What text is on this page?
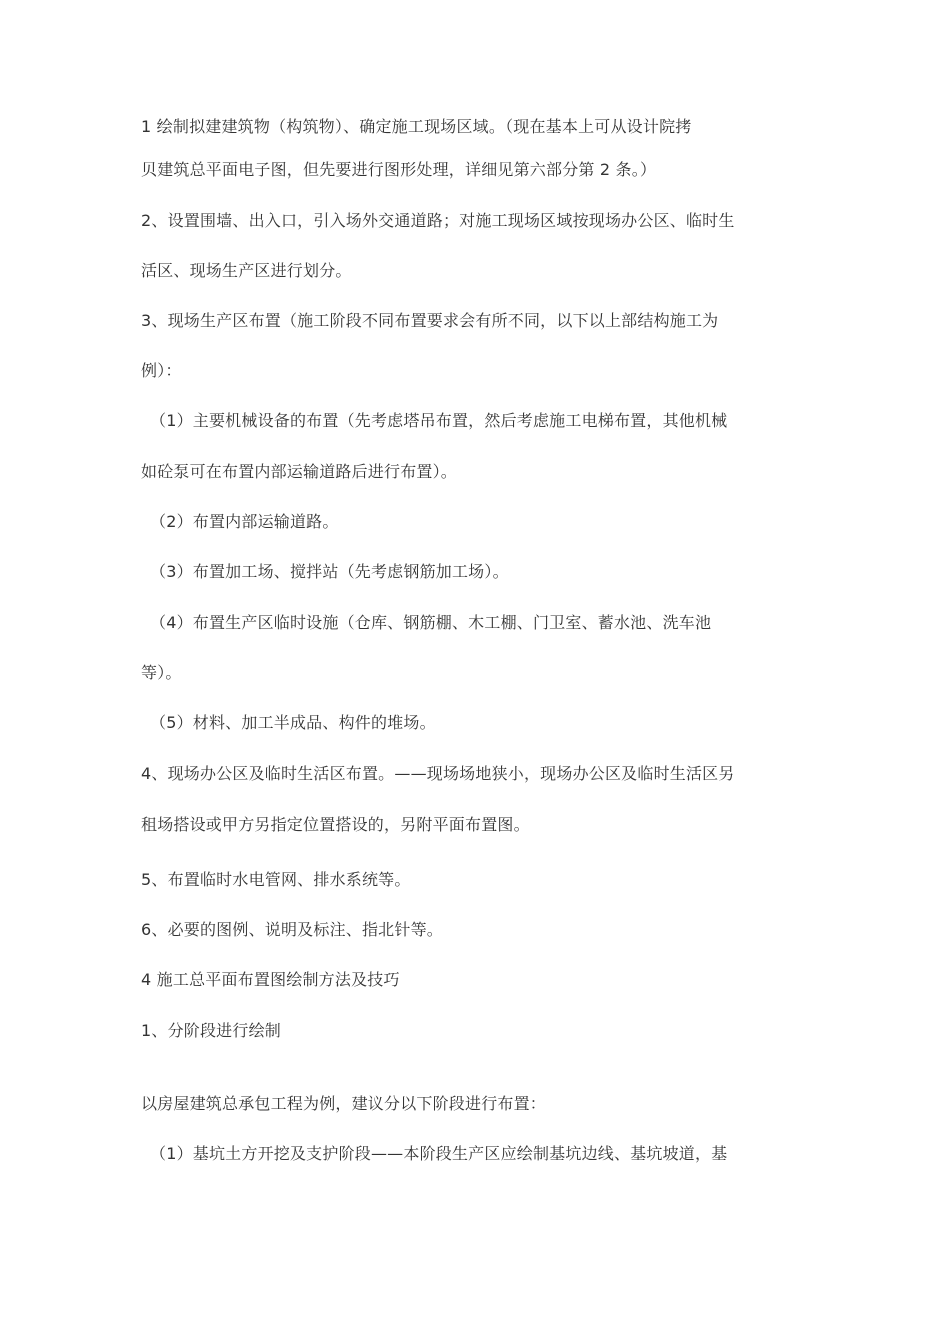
1 绘制拟建建筑物（构筑物）、确定施工现场区域。（现在基本上可从设计院拷
贝建筑总平面电子图，但先要进行图形处理，详细见第六部分第 2 条。）
2、设置围墙、出入口，引入场外交通道路；对施工现场区域按现场办公区、临时生
活区、现场生产区进行划分。
3、现场生产区布置（施工阶段不同布置要求会有所不同，以下以上部结构施工为
例）：
（1）主要机械设备的布置（先考虑塔吊布置，然后考虑施工电梯布置，其他机械
如砼泵可在布置内部运输道路后进行布置）。
（2）布置内部运输道路。
（3）布置加工场、搅拌站（先考虑钢筋加工场）。
（4）布置生产区临时设施（仓库、钢筋棚、木工棚、门卫室、蓄水池、洗车池
等）。
（5）材料、加工半成品、构件的堆场。
4、现场办公区及临时生活区布置。——现场场地狭小，现场办公区及临时生活区另
租场搭设或甲方另指定位置搭设的，另附平面布置图。
5、布置临时水电管网、排水系统等。
6、必要的图例、说明及标注、指北针等。
4 施工总平面布置图绘制方法及技巧
1、分阶段进行绘制
以房屋建筑总承包工程为例，建议分以下阶段进行布置：
（1）基坑土方开挖及支护阶段——本阶段生产区应绘制基坑边线、基坑坡道，基
